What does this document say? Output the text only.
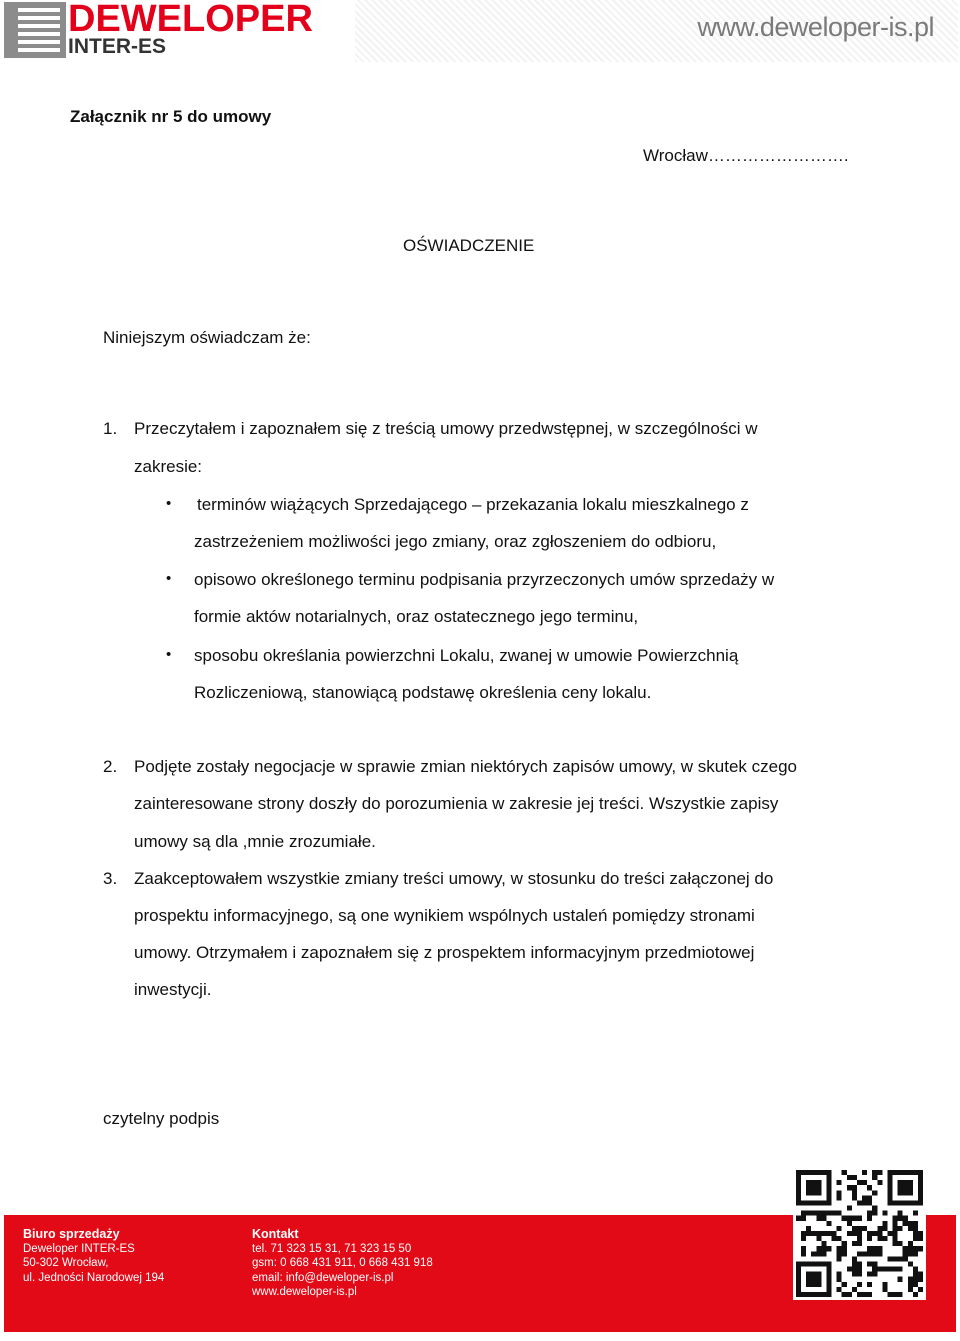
DEWELOPER
INTER-ES
www.deweloper-is.pl
Załącznik nr 5 do umowy
Wrocław…………………….
OŚWIADCZENIE
Niniejszym oświadczam że:
1. Przeczytałem i zapoznałem się z treścią umowy przedwstępnej, w szczególności w
zakresie:
• terminów wiążących Sprzedającego – przekazania lokalu mieszkalnego z
zastrzeżeniem możliwości jego zmiany, oraz zgłoszeniem do odbioru,
• opisowo określonego terminu podpisania przyrzeczonych umów sprzedaży w
formie aktów notarialnych, oraz ostatecznego jego terminu,
• sposobu określania powierzchni Lokalu, zwanej w umowie Powierzchnią
Rozliczeniową, stanowiącą podstawę określenia ceny lokalu.
2. Podjęte zostały negocjacje w sprawie zmian niektórych zapisów umowy, w skutek czego
zainteresowane strony doszły do porozumienia w zakresie jej treści. Wszystkie zapisy
umowy są dla ,mnie zrozumiałe.
3. Zaakceptowałem wszystkie zmiany treści umowy, w stosunku do treści załączonej do
prospektu informacyjnego, są one wynikiem wspólnych ustaleń pomiędzy stronami
umowy. Otrzymałem i zapoznałem się z prospektem informacyjnym przedmiotowej
inwestycji.
czytelny podpis
Biuro sprzedaży
Deweloper INTER-ES
50-302 Wrocław,
ul. Jedności Narodowej 194
Kontakt
tel. 71 323 15 31, 71 323 15 50
gsm: 0 668 431 911, 0 668 431 918
email: info@deweloper-is.pl
www.deweloper-is.pl
